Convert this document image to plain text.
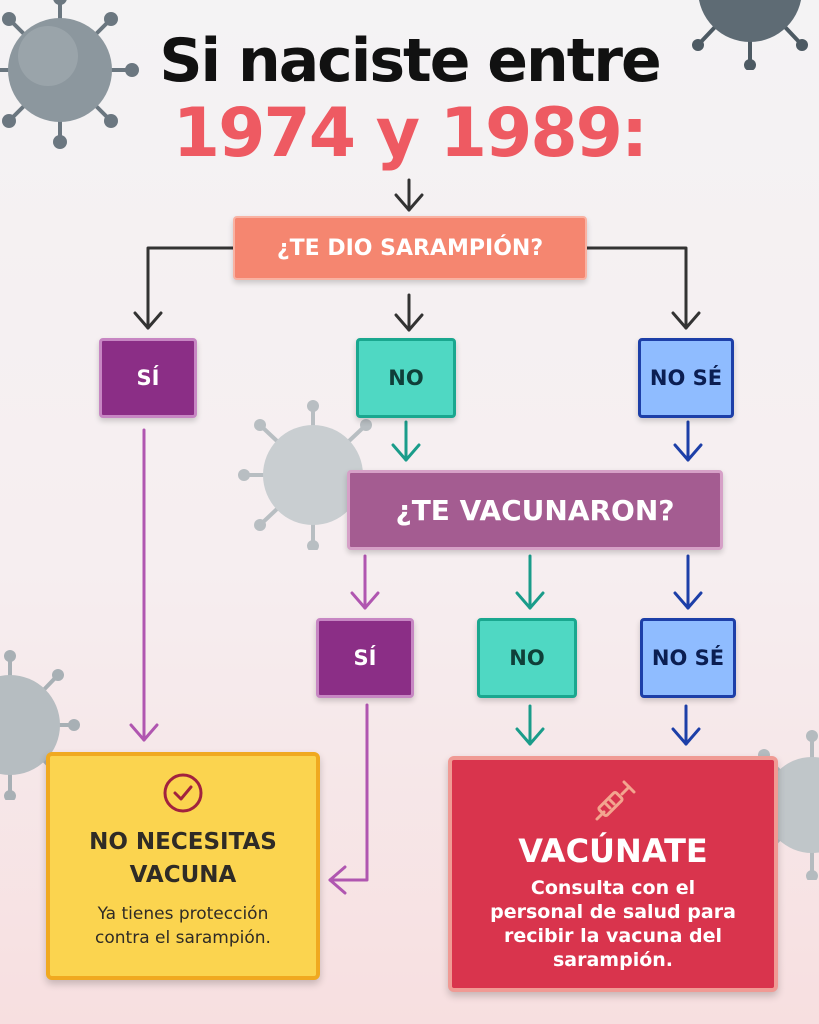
Si naciste entre
1974 y 1989:
¿TE DIO SARAMPIÓN?
SÍ	NO	NO SÉ
¿TE VACUNARON?
SÍ	NO	NO SÉ
NO NECESITAS
VACUNA
Ya tienes protección
contra el sarampión.
VACÚNATE
Consulta con el
personal de salud para
recibir la vacuna del
sarampión.
